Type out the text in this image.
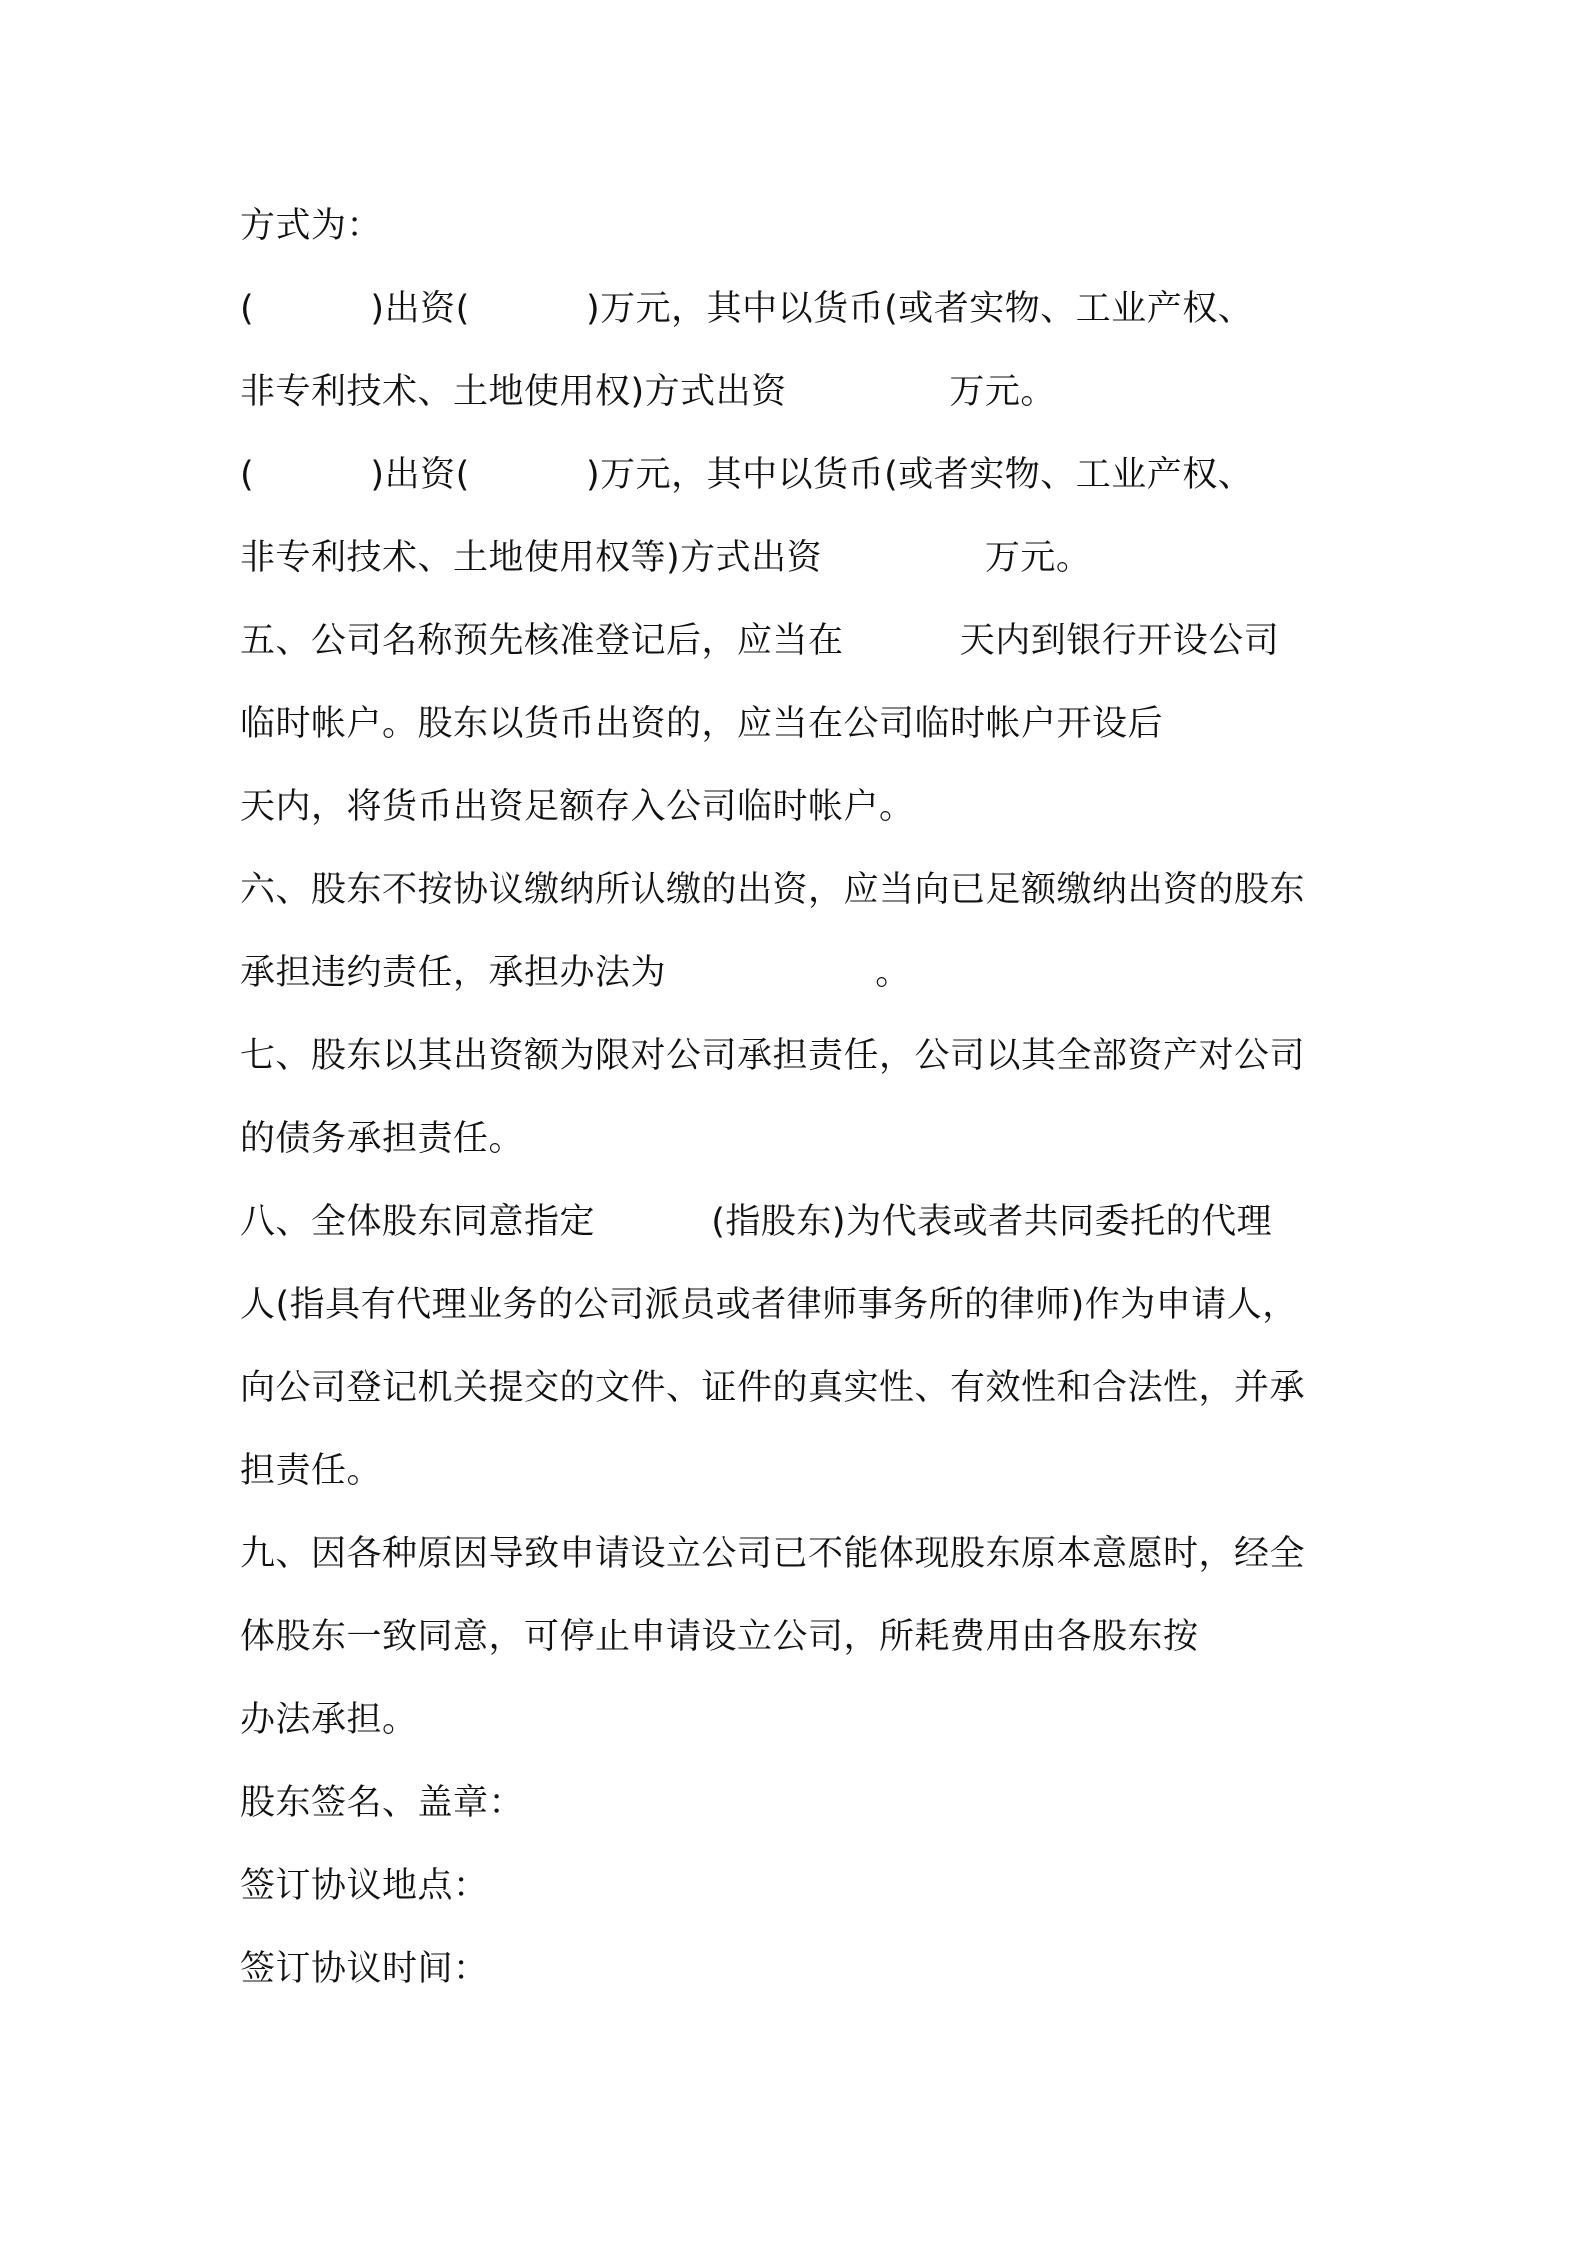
方式为：
(          )出资(          )万元，其中以货币(或者实物、工业产权、
非专利技术、土地使用权)方式出资              万元。
(          )出资(          )万元，其中以货币(或者实物、工业产权、
非专利技术、土地使用权等)方式出资              万元。
五、公司名称预先核准登记后，应当在          天内到银行开设公司
临时帐户。股东以货币出资的，应当在公司临时帐户开设后
天内，将货币出资足额存入公司临时帐户。
六、股东不按协议缴纳所认缴的出资，应当向已足额缴纳出资的股东
承担违约责任，承担办法为                  。
七、股东以其出资额为限对公司承担责任，公司以其全部资产对公司
的债务承担责任。
八、全体股东同意指定          (指股东)为代表或者共同委托的代理
人(指具有代理业务的公司派员或者律师事务所的律师)作为申请人，
向公司登记机关提交的文件、证件的真实性、有效性和合法性，并承
担责任。
九、因各种原因导致申请设立公司已不能体现股东原本意愿时，经全
体股东一致同意，可停止申请设立公司，所耗费用由各股东按
办法承担。
股东签名、盖章：
签订协议地点：
签订协议时间：
